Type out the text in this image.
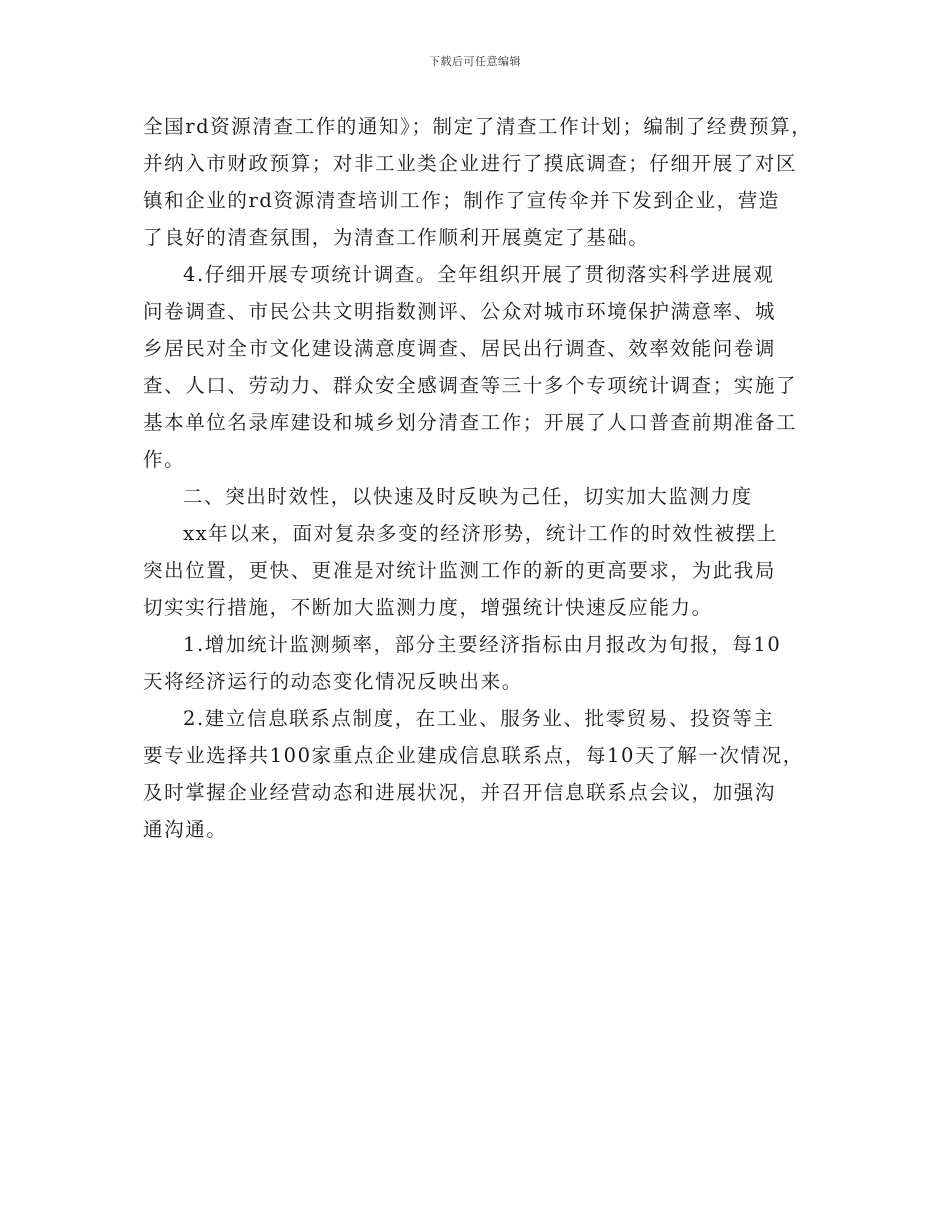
下载后可任意编辑
全国rd资源清查工作的通知》；制定了清查工作计划；编制了经费预算，
并纳入市财政预算；对非工业类企业进行了摸底调查；仔细开展了对区
镇和企业的rd资源清查培训工作；制作了宣传伞并下发到企业，营造
了良好的清查氛围，为清查工作顺利开展奠定了基础。
4.仔细开展专项统计调查。全年组织开展了贯彻落实科学进展观
问卷调查、市民公共文明指数测评、公众对城市环境保护满意率、城
乡居民对全市文化建设满意度调查、居民出行调查、效率效能问卷调
查、人口、劳动力、群众安全感调查等三十多个专项统计调查；实施了
基本单位名录库建设和城乡划分清查工作；开展了人口普查前期准备工
作。
二、突出时效性，以快速及时反映为己任，切实加大监测力度
xx年以来，面对复杂多变的经济形势，统计工作的时效性被摆上
突出位置，更快、更准是对统计监测工作的新的更高要求，为此我局
切实实行措施，不断加大监测力度，增强统计快速反应能力。
1.增加统计监测频率，部分主要经济指标由月报改为旬报，每10
天将经济运行的动态变化情况反映出来。
2.建立信息联系点制度，在工业、服务业、批零贸易、投资等主
要专业选择共100家重点企业建成信息联系点，每10天了解一次情况，
及时掌握企业经营动态和进展状况，并召开信息联系点会议，加强沟
通沟通。
